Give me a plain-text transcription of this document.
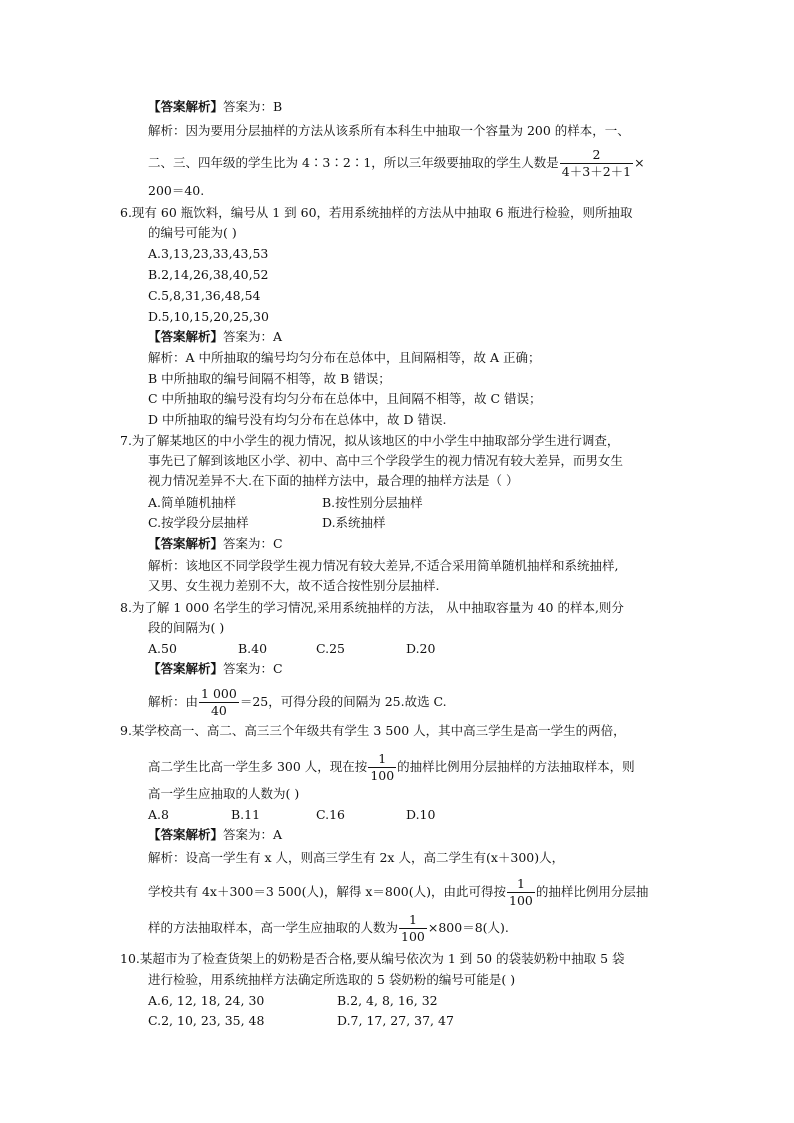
【答案解析】答案为：B
解析：因为要用分层抽样的方法从该系所有本科生中抽取一个容量为 200 的样本，一、
二、三、四年级的学生比为 4∶3∶2∶1，所以三年级要抽取的学生人数是 $\frac{2}{4+3+2+1}$ ×
200＝40.
6.现有 60 瓶饮料，编号从 1 到 60，若用系统抽样的方法从中抽取 6 瓶进行检验，则所抽取
的编号可能为( )
A.3,13,23,33,43,53
B.2,14,26,38,40,52
C.5,8,31,36,48,54
D.5,10,15,20,25,30
【答案解析】答案为：A
解析：A 中所抽取的编号均匀分布在总体中，且间隔相等，故 A 正确；
B 中所抽取的编号间隔不相等，故 B 错误；
C 中所抽取的编号没有均匀分布在总体中，且间隔不相等，故 C 错误；
D 中所抽取的编号没有均匀分布在总体中，故 D 错误.
7.为了解某地区的中小学生的视力情况，拟从该地区的中小学生中抽取部分学生进行调查，
事先已了解到该地区小学、初中、高中三个学段学生的视力情况有较大差异，而男女生
视力情况差异不大.在下面的抽样方法中，最合理的抽样方法是（ ）
A.简单随机抽样	B.按性别分层抽样
C.按学段分层抽样	D.系统抽样
【答案解析】答案为：C
解析：该地区不同学段学生视力情况有较大差异,不适合采用简单随机抽样和系统抽样,
又男、女生视力差别不大，故不适合按性别分层抽样.
8.为了解 1 000 名学生的学习情况,采用系统抽样的方法， 从中抽取容量为 40 的样本,则分
段的间隔为( )
A.50	B.40	C.25	D.20
【答案解析】答案为：C
解析：由 $\frac{1 000}{40} =25$，可得分段的间隔为 25.故选 C.
9.某学校高一、高二、高三三个年级共有学生 3 500 人，其中高三学生是高一学生的两倍，
高二学生比高一学生多 300 人，现在按 $\frac{1}{100}$ 的抽样比例用分层抽样的方法抽取样本，则
高一学生应抽取的人数为( )
A.8	B.11	C.16	D.10
【答案解析】答案为：A
解析：设高一学生有 x 人，则高三学生有 2x 人，高二学生有(x＋300)人，
学校共有 4x＋300＝3 500(人)，解得 x＝800(人)，由此可得按 $\frac{1}{100}$ 的抽样比例用分层抽
样的方法抽取样本，高一学生应抽取的人数为 $\frac{1}{100} \times 800=8$(人).
10.某超市为了检查货架上的奶粉是否合格,要从编号依次为 1 到 50 的袋装奶粉中抽取 5 袋
进行检验，用系统抽样方法确定所选取的 5 袋奶粉的编号可能是( )
A.6, 12, 18, 24, 30	B.2, 4, 8, 16, 32
C.2, 10, 23, 35, 48	D.7, 17, 27, 37, 47
